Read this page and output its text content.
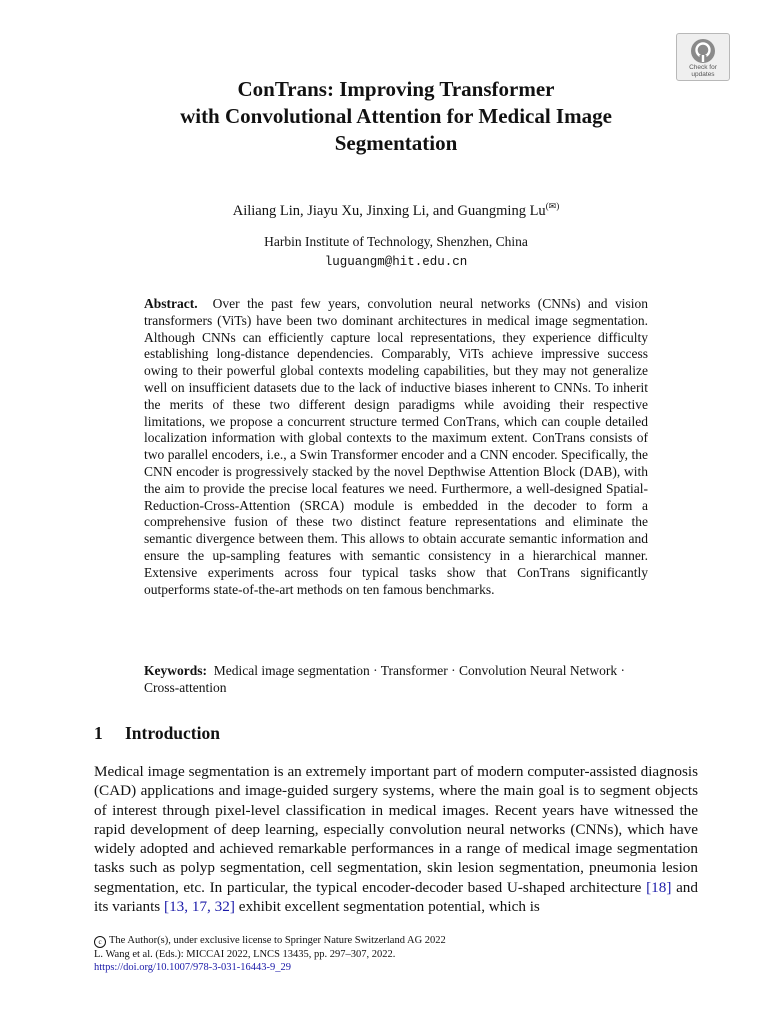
Check for updates
ConTrans: Improving Transformer
with Convolutional Attention for Medical Image
Segmentation
Ailiang Lin, Jiayu Xu, Jinxing Li, and Guangming Lu(✉)
Harbin Institute of Technology, Shenzhen, China
luguangm@hit.edu.cn

Abstract. Over the past few years, convolution neural networks (CNNs) and vision transformers (ViTs) have been two dominant architectures in medical image segmentation. Although CNNs can efficiently capture local representations, they experience difficulty establishing long-distance dependencies. Comparably, ViTs achieve impressive success owing to their powerful global contexts modeling capabilities, but they may not generalize well on insufficient datasets due to the lack of inductive biases inherent to CNNs. To inherit the merits of these two different design paradigms while avoiding their respective limitations, we propose a concurrent structure termed ConTrans, which can couple detailed localization information with global contexts to the maximum extent. ConTrans consists of two parallel encoders, i.e., a Swin Transformer encoder and a CNN encoder. Specifically, the CNN encoder is progressively stacked by the novel Depthwise Attention Block (DAB), with the aim to provide the precise local features we need. Furthermore, a well-designed Spatial-Reduction-Cross-Attention (SRCA) module is embedded in the decoder to form a comprehensive fusion of these two distinct feature representations and eliminate the semantic divergence between them. This allows to obtain accurate semantic information and ensure the up-sampling features with semantic consistency in a hierarchical manner. Extensive experiments across four typical tasks show that ConTrans significantly outperforms state-of-the-art methods on ten famous benchmarks.

Keywords: Medical image segmentation · Transformer · Convolution Neural Network · Cross-attention

1 Introduction

Medical image segmentation is an extremely important part of modern computer-assisted diagnosis (CAD) applications and image-guided surgery systems, where the main goal is to segment objects of interest through pixel-level classification in medical images. Recent years have witnessed the rapid development of deep learning, especially convolution neural networks (CNNs), which have widely adopted and achieved remarkable performances in a range of medical image segmentation tasks such as polyp segmentation, cell segmentation, skin lesion segmentation, pneumonia lesion segmentation, etc. In particular, the typical encoder-decoder based U-shaped architecture [18] and its variants [13, 17, 32] exhibit excellent segmentation potential, which is

c The Author(s), under exclusive license to Springer Nature Switzerland AG 2022
L. Wang et al. (Eds.): MICCAI 2022, LNCS 13435, pp. 297–307, 2022.
https://doi.org/10.1007/978-3-031-16443-9_29
